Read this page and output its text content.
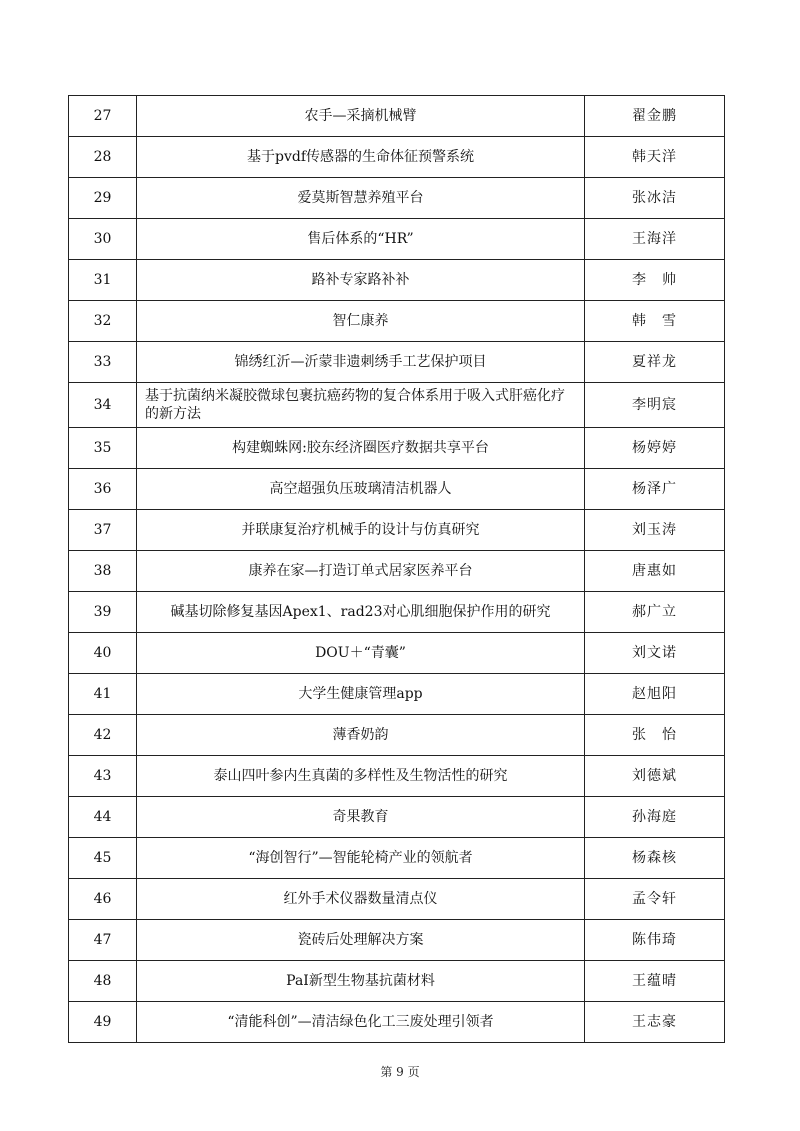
27	农手—采摘机械臂	翟金鹏
28	基于pvdf传感器的生命体征预警系统	韩天洋
29	爱莫斯智慧养殖平台	张冰洁
30	售后体系的“HR”	王海洋
31	路补专家路补补	李　帅
32	智仁康养	韩　雪
33	锦绣红沂—沂蒙非遗刺绣手工艺保护项目	夏祥龙
34	基于抗菌纳米凝胶微球包裹抗癌药物的复合体系用于吸入式肝癌化疗的新方法	李明宸
35	构建蜘蛛网:胶东经济圈医疗数据共享平台	杨婷婷
36	高空超强负压玻璃清洁机器人	杨泽广
37	并联康复治疗机械手的设计与仿真研究	刘玉涛
38	康养在家—打造订单式居家医养平台	唐惠如
39	碱基切除修复基因Apex1、rad23对心肌细胞保护作用的研究	郝广立
40	DOU＋“青囊”	刘文诺
41	大学生健康管理app	赵旭阳
42	薄香奶韵	张　怡
43	泰山四叶参内生真菌的多样性及生物活性的研究	刘德斌
44	奇果教育	孙海庭
45	“海创智行”—智能轮椅产业的领航者	杨森核
46	红外手术仪器数量清点仪	孟令轩
47	瓷砖后处理解决方案	陈伟琦
48	PaI新型生物基抗菌材料	王蕴晴
49	“清能科创”—清洁绿色化工三废处理引领者	王志豪
第 9 页
